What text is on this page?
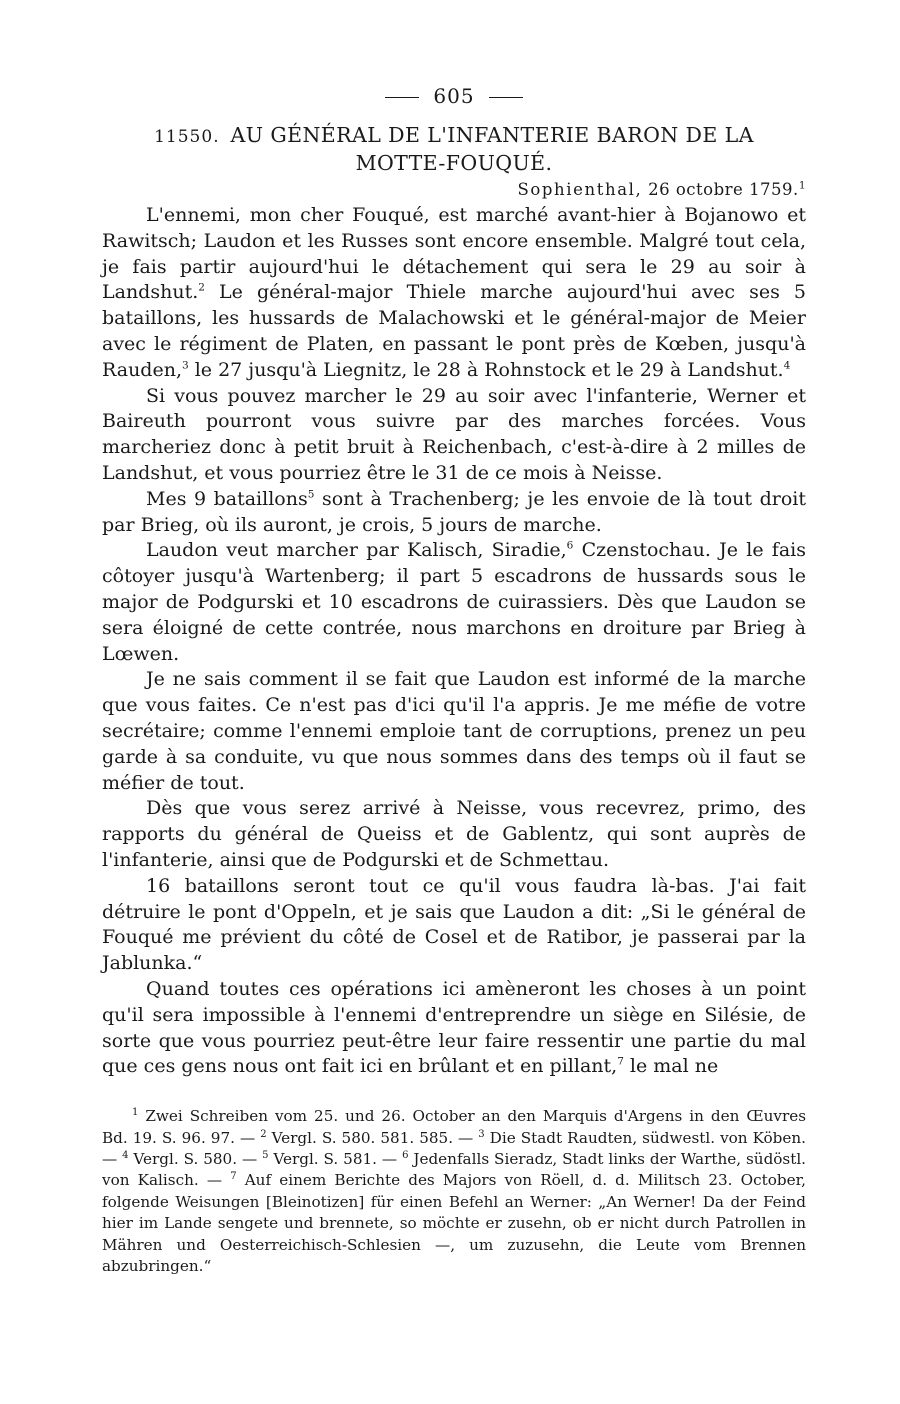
605
11550. AU GÉNÉRAL DE L'INFANTERIE BARON DE LA MOTTE-FOUQUÉ.
Sophienthal, 26 octobre 1759.$^1$

L'ennemi, mon cher Fouqué, est marché avant-hier à Bojanowo et Rawitsch; Laudon et les Russes sont encore ensemble. Malgré tout cela, je fais partir aujourd'hui le détachement qui sera le 29 au soir à Landshut.$^2$ Le général-major Thiele marche aujourd'hui avec ses 5 bataillons, les hussards de Malachowski et le général-major de Meier avec le régiment de Platen, en passant le pont près de Kœben, jusqu'à Rauden,$^3$ le 27 jusqu'à Liegnitz, le 28 à Rohnstock et le 29 à Landshut.$^4$

Si vous pouvez marcher le 29 au soir avec l'infanterie, Werner et Baireuth pourront vous suivre par des marches forcées. Vous marcheriez donc à petit bruit à Reichenbach, c'est-à-dire à 2 milles de Landshut, et vous pourriez être le 31 de ce mois à Neisse.

Mes 9 bataillons$^5$ sont à Trachenberg; je les envoie de là tout droit par Brieg, où ils auront, je crois, 5 jours de marche.

Laudon veut marcher par Kalisch, Siradie,$^6$ Czenstochau. Je le fais côtoyer jusqu'à Wartenberg; il part 5 escadrons de hussards sous le major de Podgurski et 10 escadrons de cuirassiers. Dès que Laudon se sera éloigné de cette contrée, nous marchons en droiture par Brieg à Lœwen.

Je ne sais comment il se fait que Laudon est informé de la marche que vous faites. Ce n'est pas d'ici qu'il l'a appris. Je me méfie de votre secrétaire; comme l'ennemi emploie tant de corruptions, prenez un peu garde à sa conduite, vu que nous sommes dans des temps où il faut se méfier de tout.

Dès que vous serez arrivé à Neisse, vous recevrez, primo, des rapports du général de Queiss et de Gablentz, qui sont auprès de l'infanterie, ainsi que de Podgurski et de Schmettau.

16 bataillons seront tout ce qu'il vous faudra là-bas. J'ai fait détruire le pont d'Oppeln, et je sais que Laudon a dit: „Si le général de Fouqué me prévient du côté de Cosel et de Ratibor, je passerai par la Jablunka.“

Quand toutes ces opérations ici amèneront les choses à un point qu'il sera impossible à l'ennemi d'entreprendre un siège en Silésie, de sorte que vous pourriez peut-être leur faire ressentir une partie du mal que ces gens nous ont fait ici en brûlant et en pillant,$^7$ le mal ne

$^1$ Zwei Schreiben vom 25. und 26. October an den Marquis d'Argens in den Œuvres Bd. 19. S. 96. 97. — $^2$ Vergl. S. 580. 581. 585. — $^3$ Die Stadt Raudten, südwestl. von Köben. — $^4$ Vergl. S. 580. — $^5$ Vergl. S. 581. — $^6$ Jedenfalls Sieradz, Stadt links der Warthe, südöstl. von Kalisch. — $^7$ Auf einem Berichte des Majors von Röell, d. d. Militsch 23. October, folgende Weisungen [Bleinotizen] für einen Befehl an Werner: „An Werner! Da der Feind hier im Lande sengete und brennete, so möchte er zusehn, ob er nicht durch Patrollen in Mähren und Oesterreichisch-Schlesien —, um zuzusehn, die Leute vom Brennen abzubringen.“
